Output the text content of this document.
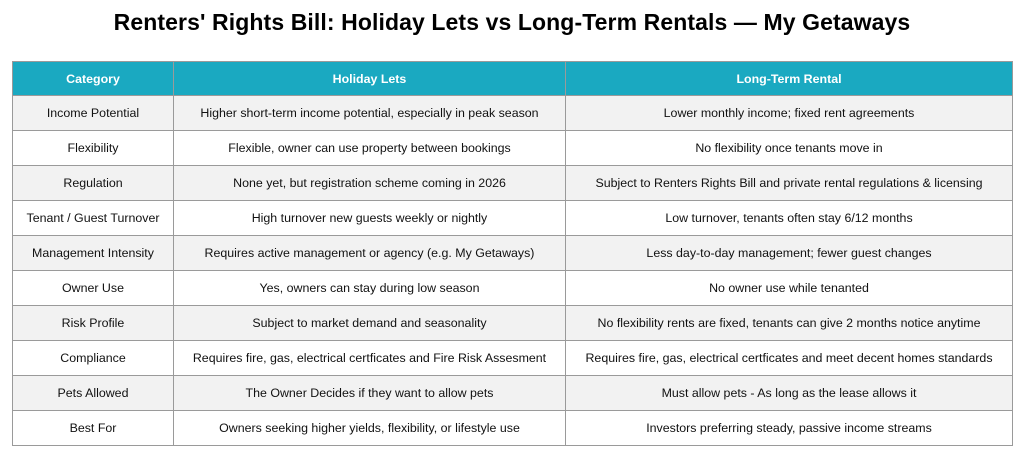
Renters' Rights Bill: Holiday Lets vs Long-Term Rentals — My Getaways
Category	Holiday Lets	Long-Term Rental
Income Potential	Higher short-term income potential, especially in peak season	Lower monthly income; fixed rent agreements
Flexibility	Flexible, owner can use property between bookings	No flexibility once tenants move in
Regulation	None yet, but registration scheme coming in 2026	Subject to Renters Rights Bill and private rental regulations & licensing
Tenant / Guest Turnover	High turnover new guests weekly or nightly	Low turnover, tenants often stay 6/12 months
Management Intensity	Requires active management or agency (e.g. My Getaways)	Less day-to-day management; fewer guest changes
Owner Use	Yes, owners can stay during low season	No owner use while tenanted
Risk Profile	Subject to market demand and seasonality	No flexibility rents are fixed, tenants can give 2 months notice anytime
Compliance	Requires fire, gas, electrical certficates and Fire Risk Assesment	Requires fire, gas, electrical certficates and meet decent homes standards
Pets Allowed	The Owner Decides if they want to allow pets	Must allow pets - As long as the lease allows it
Best For	Owners seeking higher yields, flexibility, or lifestyle use	Investors preferring steady, passive income streams
